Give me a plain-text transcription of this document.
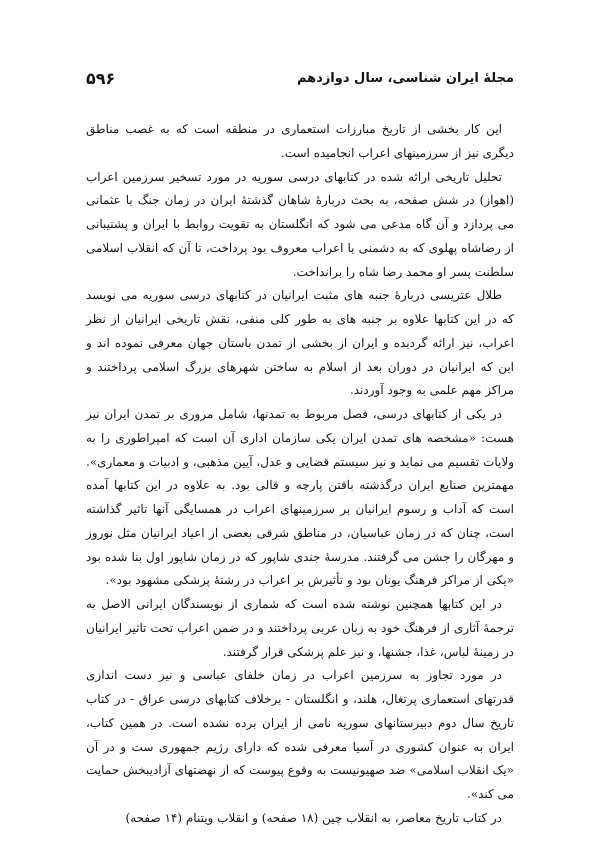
۵۹۶	مجلۀ ایران شناسی، سال دوازدهم

این کار بخشی از تاریخ مبارزات استعماری در منطقه است که به غصب مناطق دیگری نیز از سرزمینهای اعراب انجامیده است.

تحلیل تاریخی ارائه شده در کتابهای درسی سوریه در مورد تسخیر سرزمین اعراب (اهواز) در شش صفحه، به بحث دربارۀ شاهان گذشتۀ ایران در زمان جنگ با عثمانی می پردازد و آن گاه مدعی می شود که انگلستان به تقویت روابط با ایران و پشتیبانی از رضاشاه پهلوی که به دشمنی با اعراب معروف بود پرداخت، تا آن که انقلاب اسلامی سلطنت پسر او محمد رضا شاه را برانداخت.

طلال عتریسی دربارۀ جنبه های مثبت ایرانیان در کتابهای درسی سوریه می نویسد که در این کتابها علاوه بر جنبه های به طور کلی منفی، نقش تاریخی ایرانیان از نظر اعراب، نیز ارائه گردیده و ایران از بخشی از تمدن باستان جهان معرفی نموده اند و این که ایرانیان در دوران بعد از اسلام به ساختن شهرهای بزرگ اسلامی پرداختند و مراکز مهم علمی به وجود آوردند.

در یکی از کتابهای درسی، فصل مربوط به تمدنها، شامل مروری بر تمدن ایران نیز هست: «مشخصه های تمدن ایران یکی سازمان اداری آن است که امپراطوری را به ولایات تقسیم می نماید و نیز سیستم قضایی و عدل، آیین مذهبی، و ادبیات و معماری». مهمترین صنایع ایران درگذشته بافتن پارچه و قالی بود. به علاوه در این کتابها آمده است که آداب و رسوم ایرانیان بر سرزمینهای اعراب در همسایگی آنها تاثیر گذاشته است، چنان که در زمان عباسیان، در مناطق شرقی بعضی از اعیاد ایرانیان مثل نوروز و مهرگان را جشن می گرفتند. مدرسۀ جندی شاپور که در زمان شاپور اول بنا شده بود «یکی از مراکز فرهنگ یونان بود و تأثیرش بر اعراب در رشتۀ پزشکی مشهود بود».

در این کتابها همچنین نوشته شده است که شماری از نویسندگان ایرانی الاصل به ترجمۀ آثاری از فرهنگ خود به زبان عربی پرداختند و در ضمن اعراب تحت تاثیر ایرانیان در زمینۀ لباس، غذا، جشنها، و نیز علم پزشکی قرار گرفتند.

در مورد تجاوز به سرزمین اعراب در زمان خلفای عباسی و نیز دست اندازی قدرتهای استعماری پرتغال، هلند، و انگلستان - برخلاف کتابهای درسی عراق - در کتاب تاریخ سال دوم دبیرستانهای سوریه نامی از ایران برده نشده است. در همین کتاب، ایران به عنوان کشوری در آسیا معرفی شده که دارای رژیم جمهوری ست و در آن «یک انقلاب اسلامی» ضد صهیونیست به وقوع پیوست که از نهضتهای آزادیبخش حمایت می کند».

در کتاب تاریخ معاصر، به انقلاب چین (۱۸ صفحه) و انقلاب ویتنام (۱۴ صفحه)
